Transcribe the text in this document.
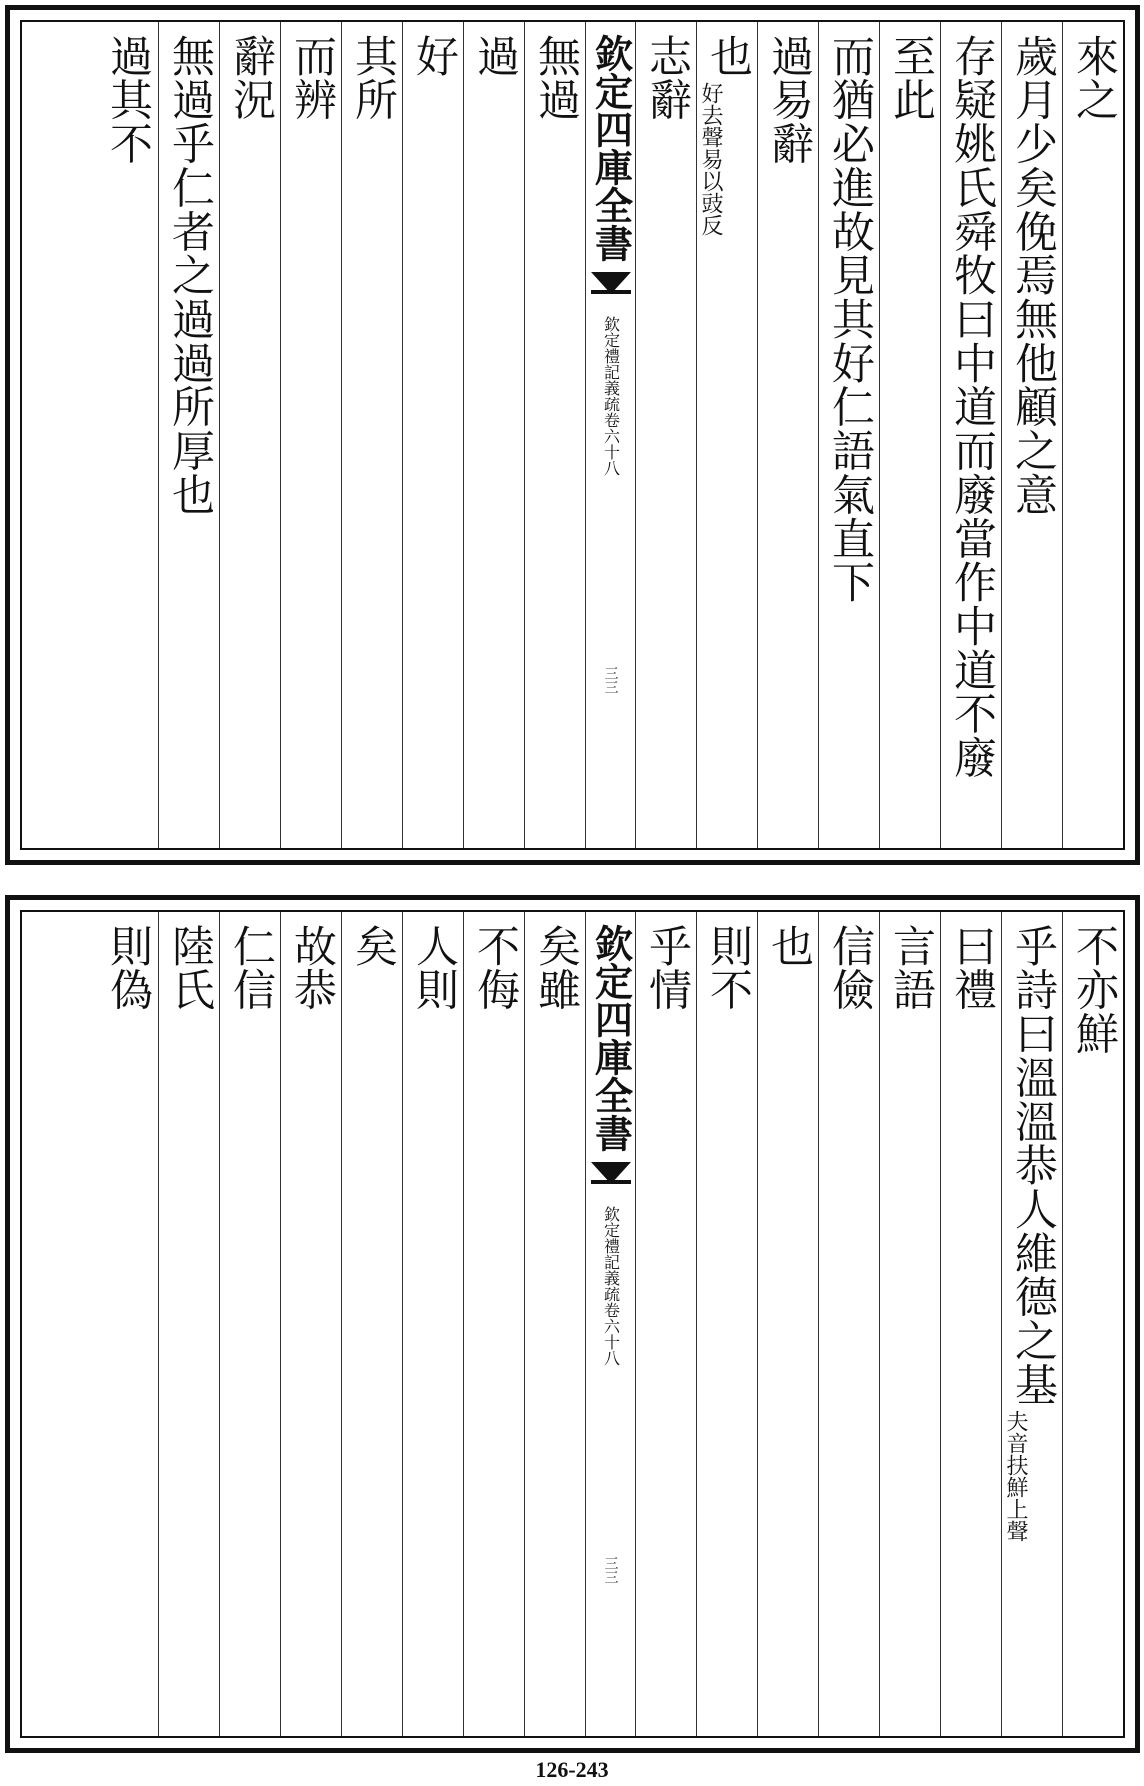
來之
歲月少矣俛焉無他顧之意
存疑姚氏舜牧曰中道而廢當作中道不廢
至此
而猶必進故見其好仁語氣直下
過易辭
也 好去聲易以豉反
志辭
欽定四庫全書
欽定禮記義疏卷六十八
三三
無過
過
好
其所
而辨
　辭況
無過乎仁者之過過所厚也
過其不
不亦鮮
乎詩曰溫溫恭人維德之基 夫音扶鮮上聲
　曰禮
言語
信儉
也
則不
乎情
欽定四庫全書
欽定禮記義疏卷六十八
三三
矣雖
不侮
人則
矣
故恭
仁信
　陸氏
則偽
126-243
